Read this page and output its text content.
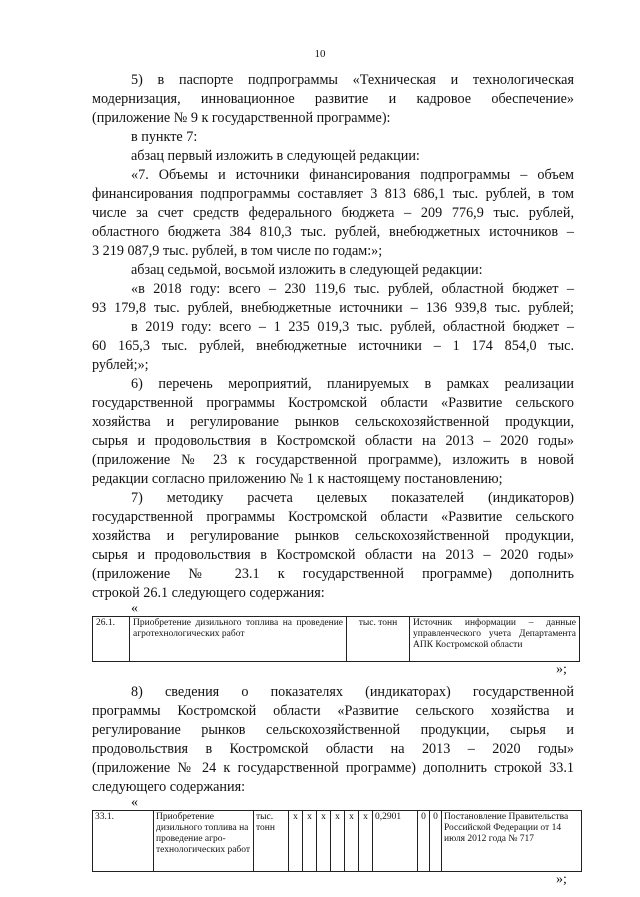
10
5) в паспорте подпрограммы «Техническая и технологическая
модернизация, инновационное развитие и кадровое обеспечение»
(приложение № 9 к государственной программе):
в пункте 7:
абзац первый изложить в следующей редакции:
«7. Объемы и источники финансирования подпрограммы – объем
финансирования подпрограммы составляет 3 813 686,1 тыс. рублей, в том
числе за счет средств федерального бюджета – 209 776,9 тыс. рублей,
областного бюджета 384 810,3 тыс. рублей, внебюджетных источников –
3 219 087,9 тыс. рублей, в том числе по годам:»;
абзац седьмой, восьмой изложить в следующей редакции:
«в 2018 году: всего – 230 119,6 тыс. рублей, областной бюджет –
93 179,8 тыс. рублей, внебюджетные источники – 136 939,8 тыс. рублей;
в 2019 году: всего – 1 235 019,3 тыс. рублей, областной бюджет –
60 165,3 тыс. рублей, внебюджетные источники – 1 174 854,0 тыс.
рублей;»;
6) перечень мероприятий, планируемых в рамках реализации
государственной программы Костромской области «Развитие сельского
хозяйства и регулирование рынков сельскохозяйственной продукции,
сырья и продовольствия в Костромской области на 2013 – 2020 годы»
(приложение № 23 к государственной программе), изложить в новой
редакции согласно приложению № 1 к настоящему постановлению;
7) методику расчета целевых показателей (индикаторов)
государственной программы Костромской области «Развитие сельского
хозяйства и регулирование рынков сельскохозяйственной продукции,
сырья и продовольствия в Костромской области на 2013 – 2020 годы»
(приложение № 23.1 к государственной программе) дополнить
строкой 26.1 следующего содержания:
«
26.1.	Приобретение дизильного топлива на проведение агротехнологических работ	тыс. тонн	Источник информации – данные управленческого учета Департамента АПК Костромской области
»;
8) сведения о показателях (индикаторах) государственной
программы Костромской области «Развитие сельского хозяйства и
регулирование рынков сельскохозяйственной продукции, сырья и
продовольствия в Костромской области на 2013 – 2020 годы»
(приложение № 24 к государственной программе) дополнить строкой 33.1
следующего содержания:
«
33.1.	Приобретение дизильного топлива на проведение агро-технологических работ	тыс. тонн	х	х	х	х	х	х	0,2901	0	0	Постановление Правительства Российской Федерации от 14 июля 2012 года № 717
»;
